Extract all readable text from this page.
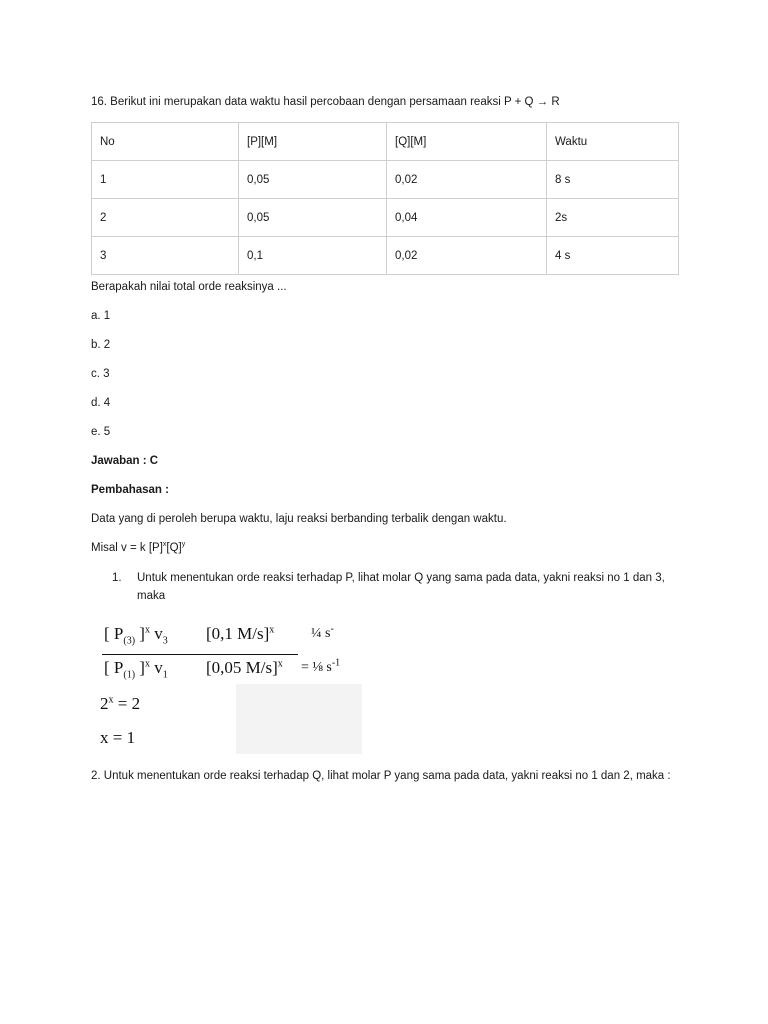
16. Berikut ini merupakan data waktu hasil percobaan dengan persamaan reaksi P + Q → R

No	[P][M]	[Q][M]	Waktu
1	0,05	0,02	8 s
2	0,05	0,04	2s
3	0,1	0,02	4 s

Berapakah nilai total orde reaksinya ...

a. 1

b. 2

c. 3

d. 4

e. 5

Jawaban : C

Pembahasan :

Data yang di peroleh berupa waktu, laju reaksi berbanding terbalik dengan waktu.

Misal v = k $[P]^x[Q]^y$

1. Untuk menentukan orde reaksi terhadap P, lihat molar Q yang sama pada data, yakni reaksi no 1 dan 3, maka
[ $P_{(3)}$ ]$^x$ $v_3$
[ $P_{(1)}$ ]$^x$ $v_1$
[0,1 M/s]$^x$
[0,05 M/s]$^x$
¼ s-
= ⅛ $s^{-1}$
$2^x = 2$
x = 1
2. Untuk menentukan orde reaksi terhadap Q, lihat molar P yang sama pada data, yakni reaksi no 1 dan 2, maka :
